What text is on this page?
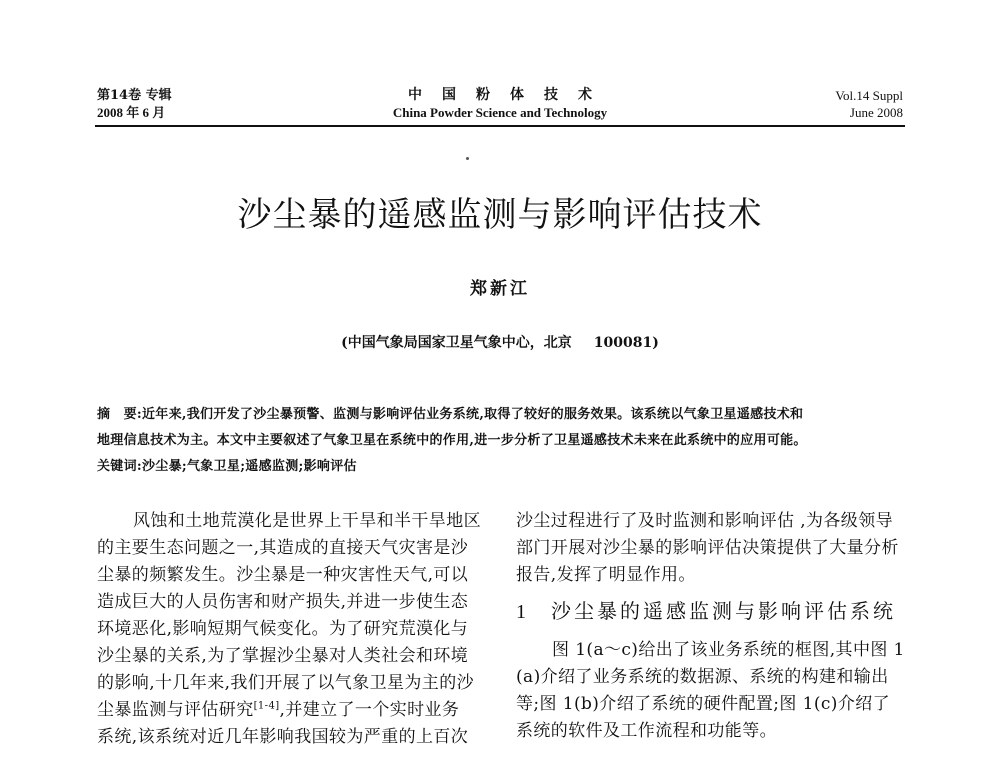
第14卷 专辑
2008 年 6 月
中国粉体技术
China Powder Science and Technology
Vol.14 Suppl
June 2008
沙尘暴的遥感监测与影响评估技术
郑新江
(中国气象局国家卫星气象中心，北京 100081)
摘　要:近年来,我们开发了沙尘暴预警、监测与影响评估业务系统,取得了较好的服务效果。该系统以气象卫星遥感技术和
地理信息技术为主。本文中主要叙述了气象卫星在系统中的作用,进一步分析了卫星遥感技术未来在此系统中的应用可能。
关键词:沙尘暴;气象卫星;遥感监测;影响评估
风蚀和土地荒漠化是世界上干旱和半干旱地区
的主要生态问题之一,其造成的直接天气灾害是沙
尘暴的频繁发生。沙尘暴是一种灾害性天气,可以
造成巨大的人员伤害和财产损失,并进一步使生态
环境恶化,影响短期气候变化。为了研究荒漠化与
沙尘暴的关系,为了掌握沙尘暴对人类社会和环境
的影响,十几年来,我们开展了以气象卫星为主的沙
尘暴监测与评估研究[1-4],并建立了一个实时业务
系统,该系统对近几年影响我国较为严重的上百次
沙尘过程进行了及时监测和影响评估 ,为各级领导
部门开展对沙尘暴的影响评估决策提供了大量分析
报告,发挥了明显作用。
1 沙尘暴的遥感监测与影响评估系统
图 1(a～c)给出了该业务系统的框图,其中图 1
(a)介绍了业务系统的数据源、系统的构建和输出
等;图 1(b)介绍了系统的硬件配置;图 1(c)介绍了
系统的软件及工作流程和功能等。
